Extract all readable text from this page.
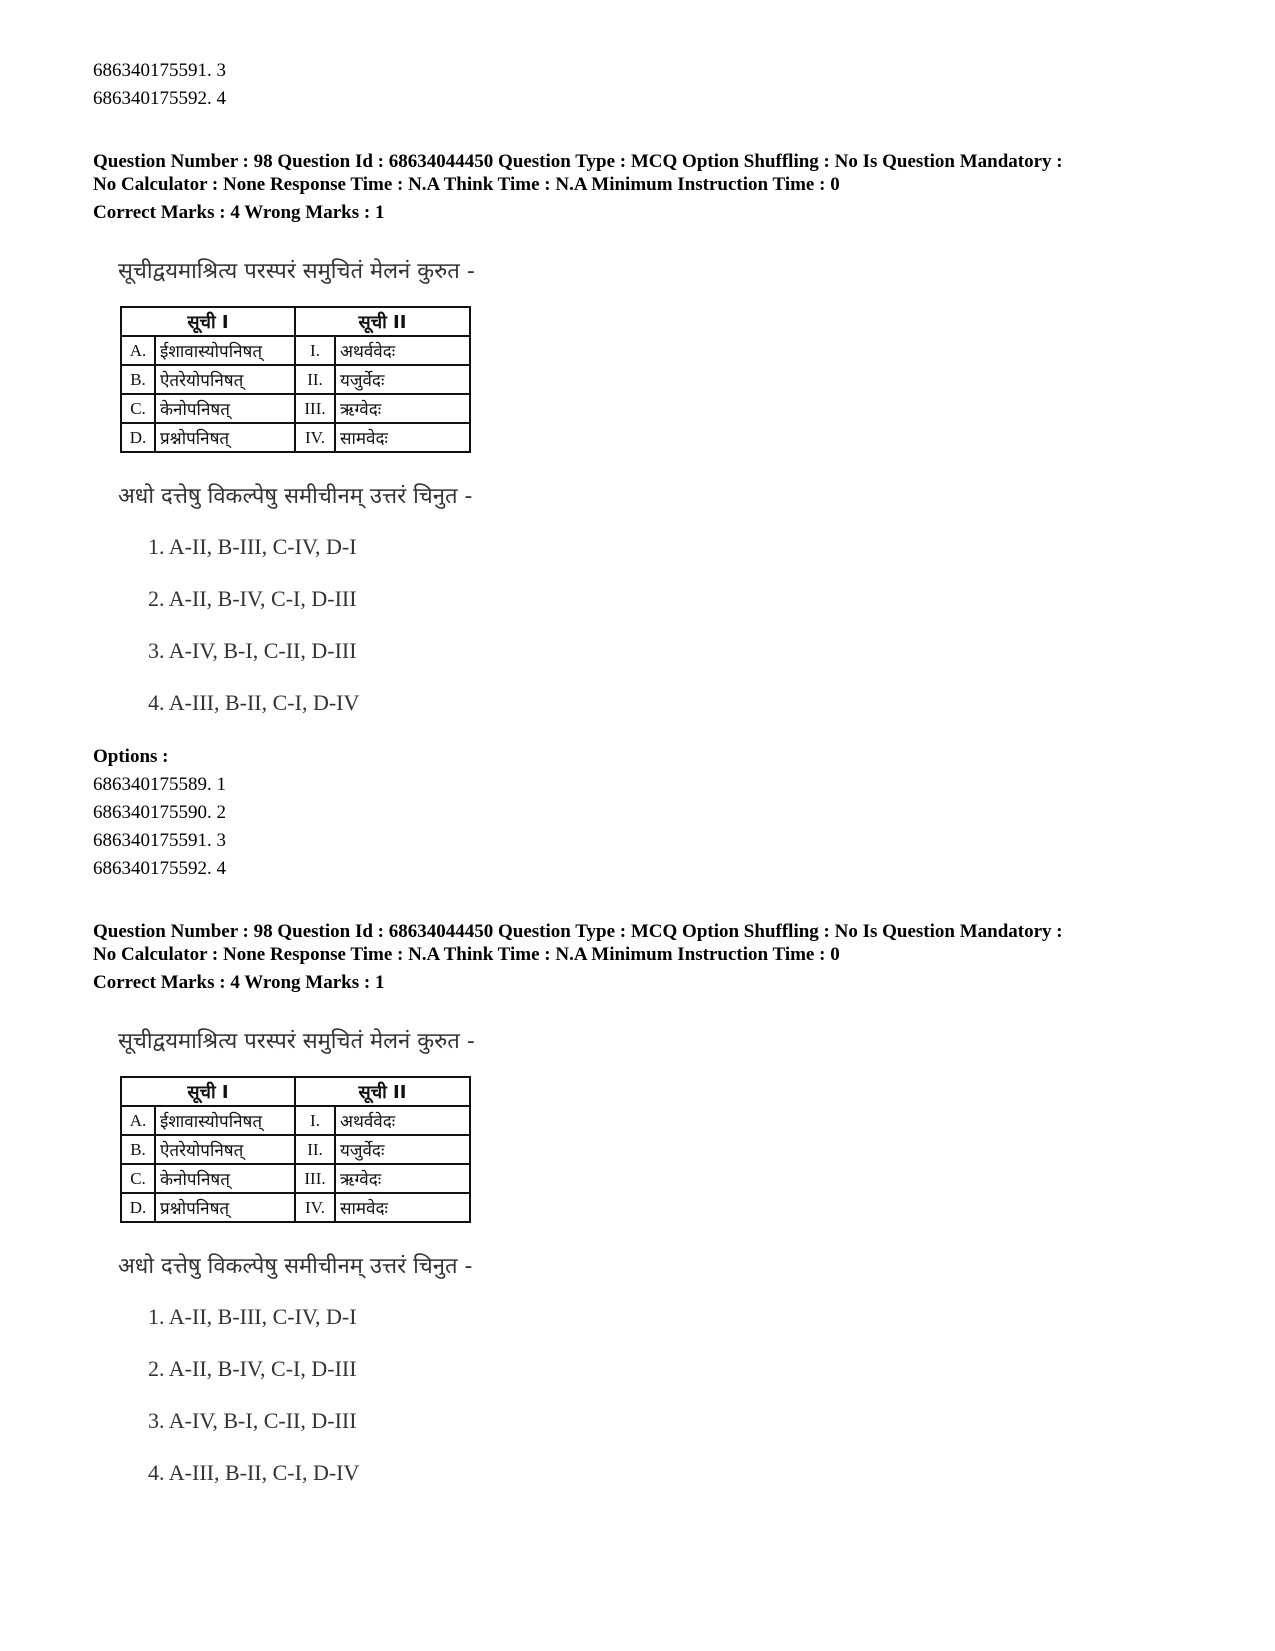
686340175591. 3
686340175592. 4
Question Number : 98 Question Id : 68634044450 Question Type : MCQ Option Shuffling : No Is Question Mandatory :
No Calculator : None Response Time : N.A Think Time : N.A Minimum Instruction Time : 0
Correct Marks : 4 Wrong Marks : 1
सूचीद्वयमाश्रित्य परस्परं समुचितं मेलनं कुरुत -
सूची I		सूची II	
A.	ईशावास्योपनिषत्	I.	अथर्ववेदः
B.	ऐतरेयोपनिषत्	II.	यजुर्वेदः
C.	केनोपनिषत्	III.	ऋग्वेदः
D.	प्रश्नोपनिषत्	IV.	सामवेदः
अधो दत्तेषु विकल्पेषु समीचीनम् उत्तरं चिनुत -
1. A-II, B-III, C-IV, D-I
2. A-II, B-IV, C-I, D-III
3. A-IV, B-I, C-II, D-III
4. A-III, B-II, C-I, D-IV
Options :
686340175589. 1
686340175590. 2
686340175591. 3
686340175592. 4
Question Number : 98 Question Id : 68634044450 Question Type : MCQ Option Shuffling : No Is Question Mandatory :
No Calculator : None Response Time : N.A Think Time : N.A Minimum Instruction Time : 0
Correct Marks : 4 Wrong Marks : 1
सूचीद्वयमाश्रित्य परस्परं समुचितं मेलनं कुरुत -
सूची I		सूची II	
A.	ईशावास्योपनिषत्	I.	अथर्ववेदः
B.	ऐतरेयोपनिषत्	II.	यजुर्वेदः
C.	केनोपनिषत्	III.	ऋग्वेदः
D.	प्रश्नोपनिषत्	IV.	सामवेदः
अधो दत्तेषु विकल्पेषु समीचीनम् उत्तरं चिनुत -
1. A-II, B-III, C-IV, D-I
2. A-II, B-IV, C-I, D-III
3. A-IV, B-I, C-II, D-III
4. A-III, B-II, C-I, D-IV
